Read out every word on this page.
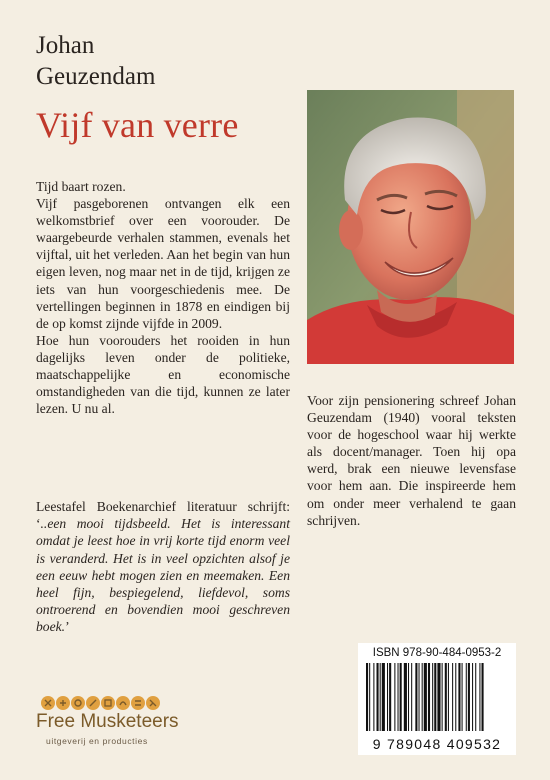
Johan
Geuzendam
Vijf van verre

Tijd baart rozen.

Vijf pasgeborenen ontvangen elk een welkomstbrief over een voorouder. De waargebeurde verhalen stammen, evenals het vijftal, uit het verleden. Aan het begin van hun eigen leven, nog maar net in de tijd, krijgen ze iets van hun voorgeschiedenis mee. De vertellingen beginnen in 1878 en eindigen bij de op komst zijnde vijfde in 2009.

Hoe hun voorouders het rooiden in hun dagelijks leven onder de politieke, maatschappelijke en economische omstandigheden van die tijd, kunnen ze later lezen. U nu al.

Leestafel Boekenarchief literatuur schrijft: ‘..een mooi tijdsbeeld. Het is interessant omdat je leest hoe in vrij korte tijd enorm veel is veranderd. Het is in veel opzichten alsof je een eeuw hebt mogen zien en meemaken. Een heel fijn, bespiegelend, liefdevol, soms ontroerend en bovendien mooi geschreven boek.’
Voor zijn pensionering schreef Johan Geuzendam (1940) vooral teksten voor de hogeschool waar hij werkte als docent/manager. Toen hij opa werd, brak een nieuwe levensfase voor hem aan. Die inspireerde hem om onder meer verhalend te gaan schrijven.
ISBN 978-90-484-0953-2
9 789048 409532
Free Musketeers
uitgeverij en producties
